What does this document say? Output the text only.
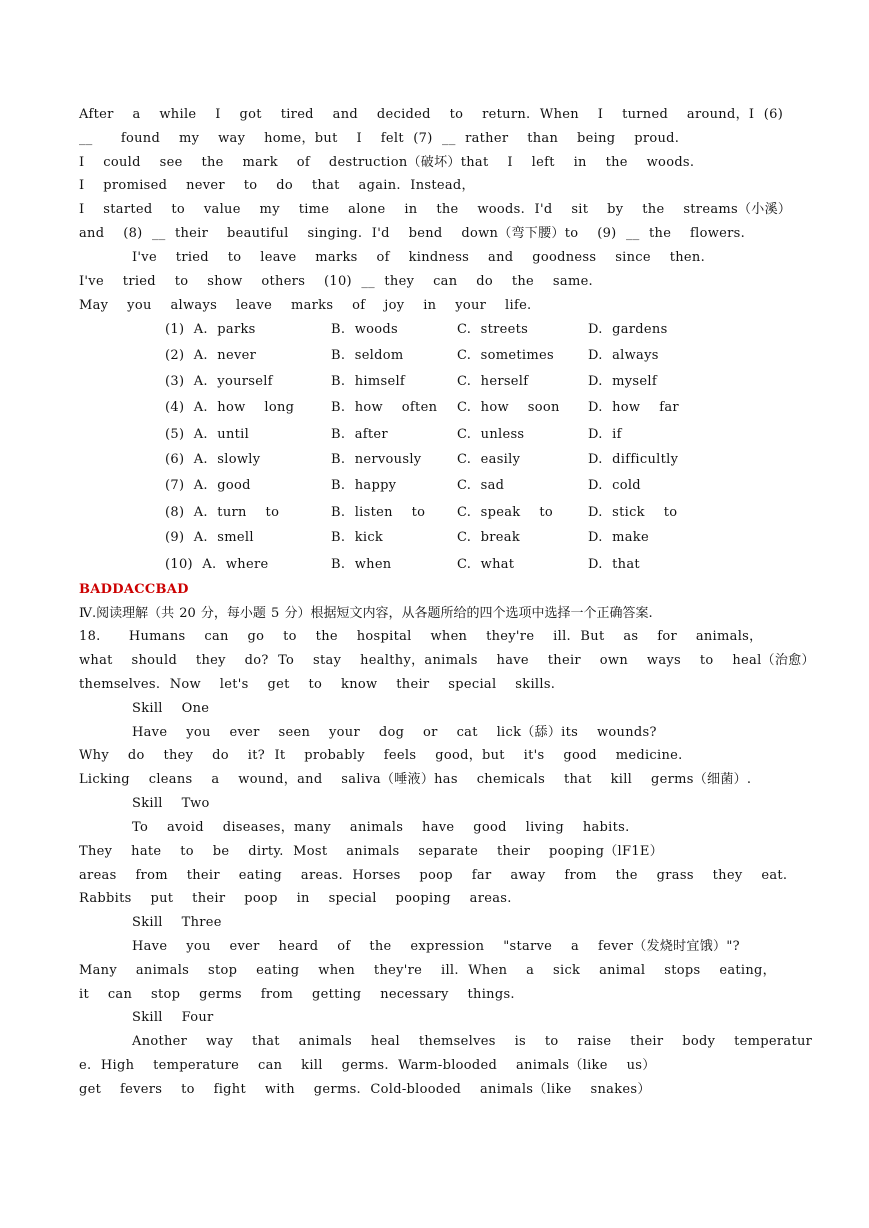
After  a  while  I  got  tired  and  decided  to  return. When  I  turned  around，I (6)
__   found  my  way  home，but  I  felt (7) __ rather  than  being  proud.
I  could  see  the  mark  of  destruction（破坏）that  I  left  in  the  woods.
I  promised  never  to  do  that  again. Instead，
I  started  to  value  my  time  alone  in  the  woods. I'd  sit  by  the  streams（小溪）
and  (8) __ their  beautiful  singing. I'd  bend  down（弯下腰）to  (9) __ the  flowers.
I've  tried  to  leave  marks  of  kindness  and  goodness  since  then.
I've  tried  to  show  others  (10) __ they  can  do  the  same.
May  you  always  leave  marks  of  joy  in  your  life.
(1) A. parks	B. woods	C. streets	D. gardens
(2) A. never	B. seldom	C. sometimes	D. always
(3) A. yourself	B. himself	C. herself	D. myself
(4) A. how  long	B. how  often C. how  soon D. how  far
(5) A. until	B. after	C. unless	D. if
(6) A. slowly	B. nervously	C. easily	D. difficultly
(7) A. good	B. happy	C. sad	D. cold
(8) A. turn  to	B. listen  to C. speak  to	D. stick  to
(9) A. smell	B. kick	C. break	D. make
(10) A. where	B. when	C. what	D. that
BADDACCBAD
Ⅳ.阅读理解（共 20 分，每小题 5 分）根据短文内容，从各题所给的四个选项中选择一个正确答案.
18.   Humans  can  go  to  the  hospital  when  they're  ill. But  as  for  animals，
what  should  they  do? To  stay  healthy，animals  have  their  own  ways  to  heal（治愈）
themselves. Now  let's  get  to  know  their  special  skills.
Skill  One
Have  you  ever  seen  your  dog  or  cat  lick（舔）its  wounds?
Why  do  they  do  it? It  probably  feels  good，but  it's  good  medicine.
Licking  cleans  a  wound，and  saliva（唾液）has  chemicals  that  kill  germs（细菌）.
Skill  Two
To  avoid  diseases，many  animals  have  good  living  habits.
They  hate  to  be  dirty. Most  animals  separate  their  pooping（lF1E）
areas  from  their  eating  areas. Horses  poop  far  away  from  the  grass  they  eat.
Rabbits  put  their  poop  in  special  pooping  areas.
Skill  Three
Have  you  ever  heard  of  the  expression  "starve  a  fever（发烧时宜饿）"?
Many  animals  stop  eating  when  they're  ill. When  a  sick  animal  stops  eating，
it  can  stop  germs  from  getting  necessary  things.
Skill  Four
Another  way  that  animals  heal  themselves  is  to  raise  their  body  temperatur
e. High  temperature  can  kill  germs. Warm-blooded  animals（like  us）
get  fevers  to  fight  with  germs. Cold-blooded  animals（like  snakes）
